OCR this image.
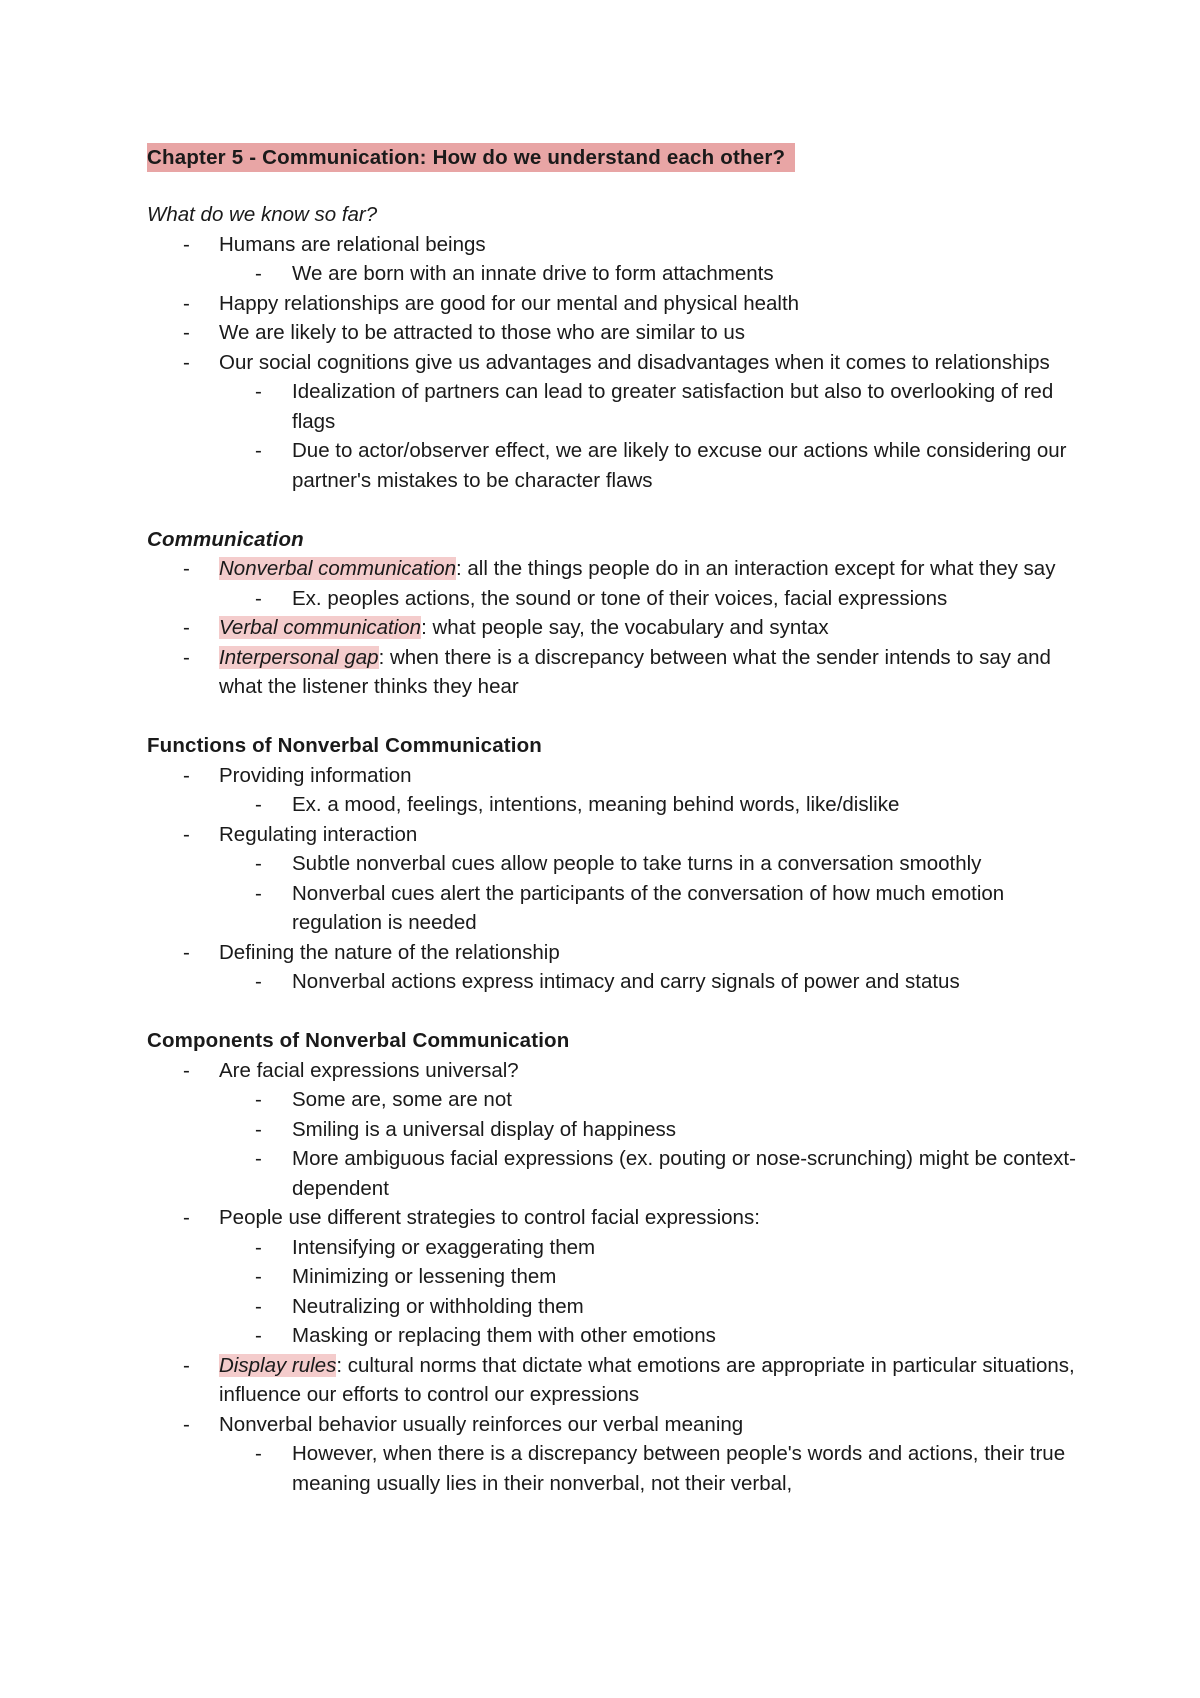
Chapter 5 - Communication: How do we understand each other?
What do we know so far?
- Humans are relational beings
- We are born with an innate drive to form attachments
- Happy relationships are good for our mental and physical health
- We are likely to be attracted to those who are similar to us
- Our social cognitions give us advantages and disadvantages when it comes to relationships
- Idealization of partners can lead to greater satisfaction but also to overlooking of red flags
- Due to actor/observer effect, we are likely to excuse our actions while considering our partner's mistakes to be character flaws
Communication
- Nonverbal communication: all the things people do in an interaction except for what they say
- Ex. peoples actions, the sound or tone of their voices, facial expressions
- Verbal communication: what people say, the vocabulary and syntax
- Interpersonal gap: when there is a discrepancy between what the sender intends to say and what the listener thinks they hear
Functions of Nonverbal Communication
- Providing information
- Ex. a mood, feelings, intentions, meaning behind words, like/dislike
- Regulating interaction
- Subtle nonverbal cues allow people to take turns in a conversation smoothly
- Nonverbal cues alert the participants of the conversation of how much emotion regulation is needed
- Defining the nature of the relationship
- Nonverbal actions express intimacy and carry signals of power and status
Components of Nonverbal Communication
- Are facial expressions universal?
- Some are, some are not
- Smiling is a universal display of happiness
- More ambiguous facial expressions (ex. pouting or nose-scrunching) might be context-dependent
- People use different strategies to control facial expressions:
- Intensifying or exaggerating them
- Minimizing or lessening them
- Neutralizing or withholding them
- Masking or replacing them with other emotions
- Display rules: cultural norms that dictate what emotions are appropriate in particular situations, influence our efforts to control our expressions
- Nonverbal behavior usually reinforces our verbal meaning
- However, when there is a discrepancy between people's words and actions, their true meaning usually lies in their nonverbal, not their verbal,
